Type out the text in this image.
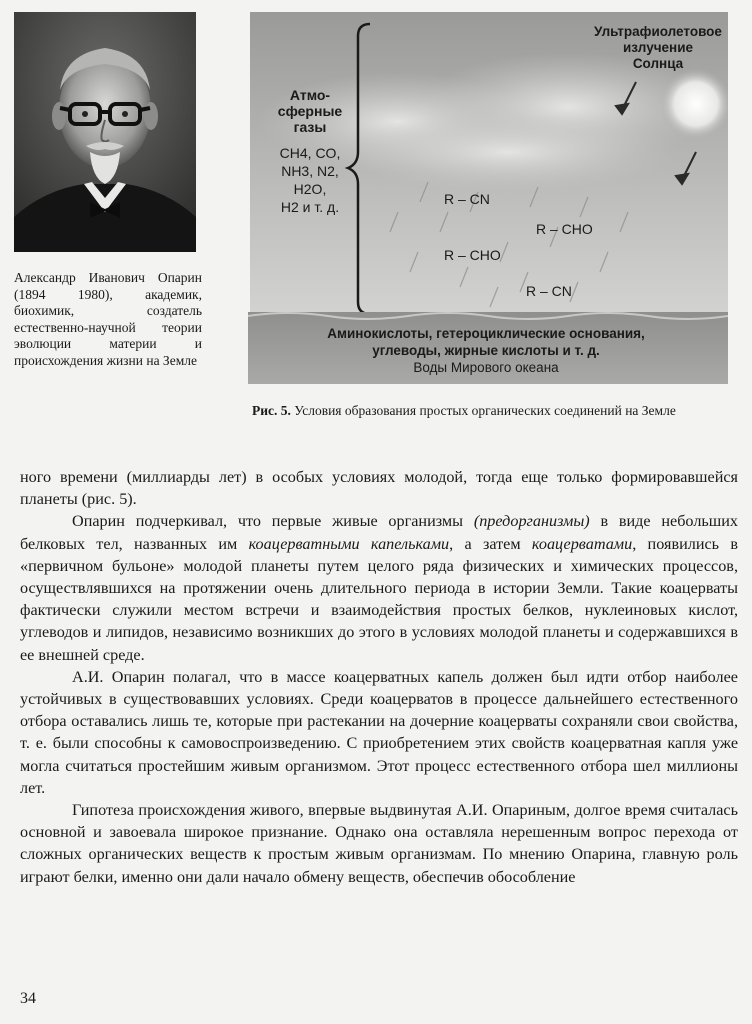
Александр Иванович Опарин (1894 1980), академик, биохимик, создатель естественно-научной теории эволюции материи и происхождения жизни на Земле
Ультрафиолетовое
излучение
Солнца
Атмо-
сферные
газы
CH4, CO,
NH3, N2,
H2O,
H2 и т. д.	R – CN
R – CHO
R – CHO
R – CN
Аминокислоты, гетероциклические основания,
углеводы, жирные кислоты и т. д.
Воды Мирового океана
Рис. 5. Условия образования простых органических соединений на Земле

ного времени (миллиарды лет) в особых условиях молодой, тогда еще только формировавшейся планеты (рис. 5).

Опарин подчеркивал, что первые живые организмы (предорганизмы) в виде небольших белковых тел, названных им коацерватными капельками, а затем коацерватами, появились в «первичном бульоне» молодой планеты путем целого ряда физических и химических процессов, осуществлявшихся на протяжении очень длительного периода в истории Земли. Такие коацерваты фактически служили местом встречи и взаимодействия простых белков, нуклеиновых кислот, углеводов и липидов, независимо возникших до этого в условиях молодой планеты и содержавшихся в ее внешней среде.

А.И. Опарин полагал, что в массе коацерватных капель должен был идти отбор наиболее устойчивых в существовавших условиях. Среди коацерватов в процессе дальнейшего естественного отбора оставались лишь те, которые при растекании на дочерние коацерваты сохраняли свои свойства, т. е. были способны к самовоспроизведению. С приобретением этих свойств коацерватная капля уже могла считаться простейшим живым организмом. Этот процесс естественного отбора шел миллионы лет.

Гипотеза происхождения живого, впервые выдвинутая А.И. Опариным, долгое время считалась основной и завоевала широкое признание. Однако она оставляла нерешенным вопрос перехода от сложных органических веществ к простым живым организмам. По мнению Опарина, главную роль играют белки, именно они дали начало обмену веществ, обеспечив обособление

34
